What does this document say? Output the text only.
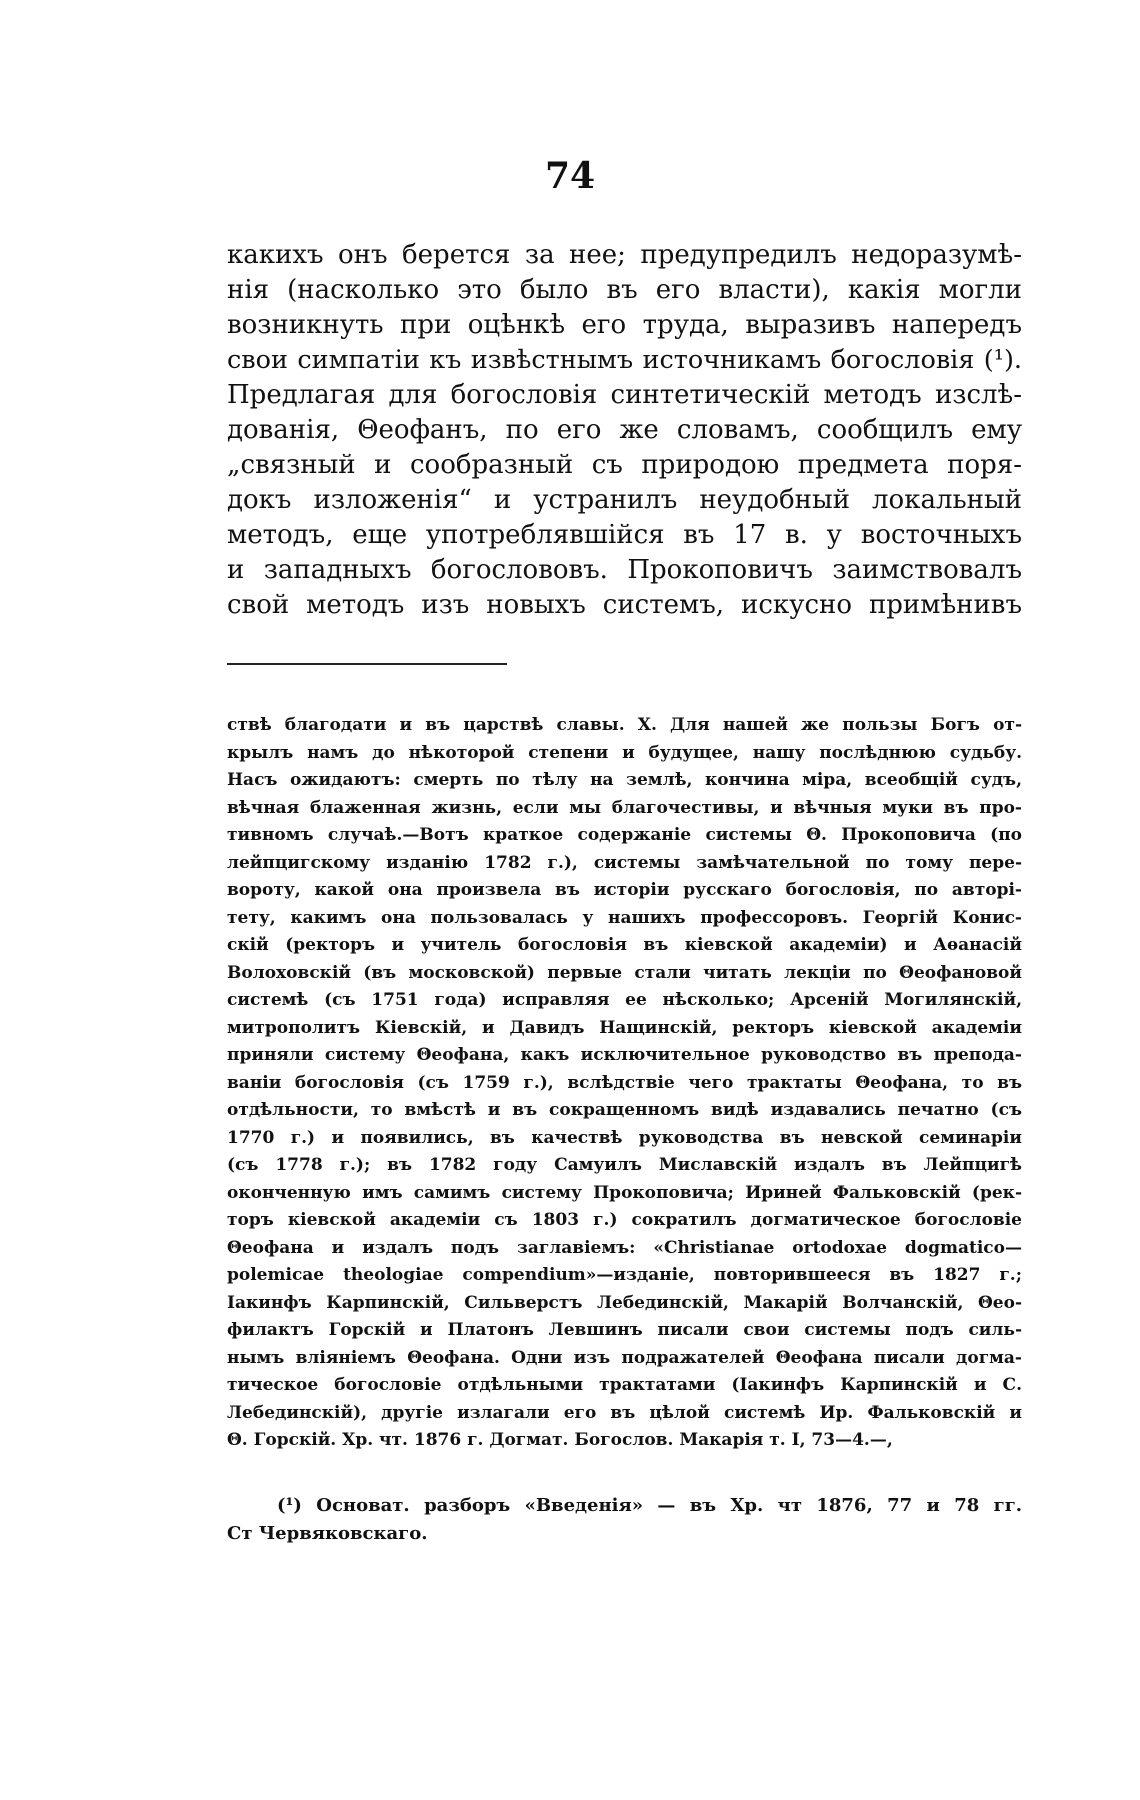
74
какихъ онъ берется за нее; предупредилъ недоразумѣ-
нія (насколько это было въ его власти), какія могли
возникнуть при оцѣнкѣ его труда, выразивъ напередъ
свои симпатіи къ извѣстнымъ источникамъ богословія (¹).
Предлагая для богословія синтетическій методъ изслѣ-
дованія, Θеофанъ, по его же словамъ, сообщилъ ему
„связный и сообразный съ природою предмета поря-
докъ изложенія“ и устранилъ неудобный локальный
методъ, еще употреблявшійся въ 17 в. у восточныхъ
и западныхъ богослововъ. Прокоповичъ заимствовалъ
свой методъ изъ новыхъ системъ, искусно примѣнивъ
ствѣ благодати и въ царствѣ славы. Х. Для нашей же пользы Богъ от-
крылъ намъ до нѣкоторой степени и будущее, нашу послѣднюю судьбу.
Насъ ожидаютъ: смерть по тѣлу на землѣ, кончина міра, всеобщій судъ,
вѣчная блаженная жизнь, если мы благочестивы, и вѣчныя муки въ про-
тивномъ случаѣ.—Вотъ краткое содержаніе системы Θ. Прокоповича (по
лейпцигскому изданію 1782 г.), системы замѣчательной по тому перe-
вороту, какой она произвела въ исторіи русскаго богословія, по авторі-
тету, какимъ она пользовалась у нашихъ профессоровъ. Георгій Конис-
скій (ректоръ и учитель богословія въ кіевской академіи) и Аѳанасій
Волоховскій (въ московской) первые стали читать лекціи по Θеофановой
системѣ (съ 1751 года) исправляя ее нѣсколько; Арсеній Могилянскій,
митрополитъ Кіевскій, и Давидъ Нащинскій, ректоръ кіевской академіи
приняли систему Θеофана, какъ исключительное руководство въ препода-
ваніи богословія (съ 1759 г.), вслѣдствіе чего трактаты Θеофана, то въ
отдѣльности, то вмѣстѣ и въ сокращенномъ видѣ издавались печатно (съ
1770 г.) и появились, въ качествѣ руководства въ невской семинаріи
(съ 1778 г.); въ 1782 году Самуилъ Миславскій издалъ въ Лейпцигѣ
оконченную имъ самимъ систему Прокоповича; Ириней Фальковскій (рек-
торъ кіевской академіи съ 1803 г.) сократилъ догматическое богословіе
Θеофана и издалъ подъ заглавіемъ: «Christianae ortodoxae dogmatico—
polemicae theologiae compendium»—изданіе, повторившееся въ 1827 г.;
Іакинфъ Карпинскій, Сильверстъ Лебединскій, Макарій Волчанскій, Θео-
филактъ Горскій и Платонъ Левшинъ писали свои системы подъ силь-
нымъ вліяніемъ Θеофана. Одни изъ подражателей Θеофана писали догма-
тическое богословіе отдѣльными трактатами (Іакинфъ Карпинскій и С.
Лебединскій), другіе излагали его въ цѣлой системѣ Ир. Фальковскій и
Θ. Горскій. Хр. чт. 1876 г. Догмат. Богослов. Макарія т. I, 73—4.—,
(¹) Основат. разборъ «Введенія» — въ Хр. чт 1876, 77 и 78 гг.
Ст Червяковскаго.
